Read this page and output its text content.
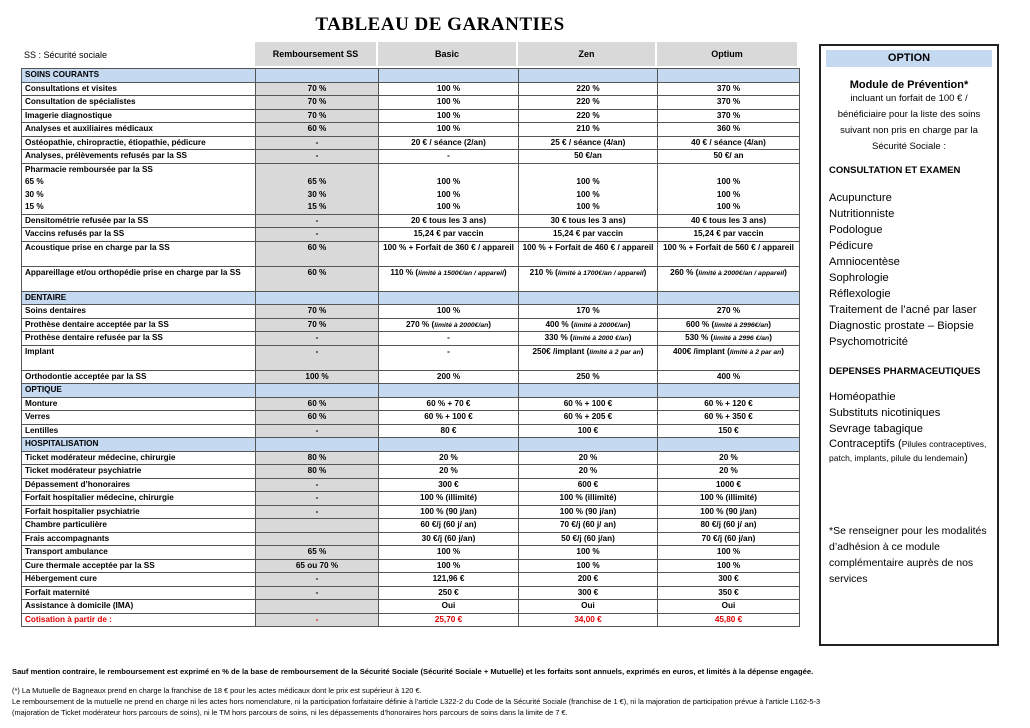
TABLEAU DE GARANTIES
SS : Sécurité sociale	Remboursement SS	Basic	Zen	Optium
SOINS COURANTS				
Consultations et visites	70 %	100 %	220 %	370 %
Consultation de spécialistes	70 %	100 %	220 %	370 %
Imagerie diagnostique	70 %	100 %	220 %	370 %
Analyses et auxiliaires médicaux	60 %	100 %	210 %	360 %
Ostéopathie, chiropractie, étiopathie, pédicure	-	20 € / séance (2/an)	25 € / séance (4/an)	40 € / séance (4/an)
Analyses, prélèvements refusés par la SS	-	-	50 €/an	50 €/ an
Pharmacie remboursée par la SS				
65 %	65 %	100 %	100 %	100 %
30 %	30 %	100 %	100 %	100 %
15 %	15 %	100 %	100 %	100 %
Densitométrie refusée par la SS	-	20 € tous les 3 ans)	30 € tous les 3 ans)	40 € tous les 3 ans)
Vaccins refusés par la SS	-	15,24 € par vaccin	15,24 € par vaccin	15,24 € par vaccin
Acoustique prise en charge par la SS	60 %	100 % + Forfait de 360 € / appareil	100 % + Forfait de 460 € / appareil	100 % + Forfait de 560 € / appareil
Appareillage et/ou orthopédie prise en charge par la SS	60 %	110 % (limité à 1500€/an / appareil)	210 % (limité à 1700€/an / appareil)	260 % (limité à 2000€/an / appareil)
DENTAIRE				
Soins dentaires	70 %	100 %	170 %	270 %
Prothèse dentaire acceptée par la SS	70 %	270 % (limité à 2000€/an)	400 % (limité à 2000€/an)	600 % (limité à 2996€/an)
Prothèse dentaire refusée par la SS	-	-	330 % (limité à 2000 €/an)	530 % (limité à 2996 €/an)
Implant	-	-	250€ /implant (limité à 2 par an)	400€ /implant (limité à 2 par an)
Orthodontie acceptée par la SS	100 %	200 %	250 %	400 %
OPTIQUE				
Monture	60 %	60 % + 70 €	60 % + 100 €	60 % + 120 €
Verres	60 %	60 % + 100 €	60 % + 205 €	60 % + 350 €
Lentilles	-	80 €	100 €	150 €
HOSPITALISATION				
Ticket modérateur médecine, chirurgie	80 %	20 %	20 %	20 %
Ticket modérateur psychiatrie	80 %	20 %	20 %	20 %
Dépassement d’honoraires	-	300 €	600 €	1000 €
Forfait hospitalier médecine, chirurgie	-	100 % (illimité)	100 % (illimité)	100 % (illimité)
Forfait hospitalier psychiatrie	-	100 % (90 j/an)	100 % (90 j/an)	100 % (90 j/an)
Chambre particulière		60 €/j (60 j/ an)	70 €/j (60 j/ an)	80 €/j (60 j/ an)
Frais accompagnants		30 €/j (60 j/an)	50 €/j (60 j/an)	70 €/j (60 j/an)
Transport ambulance	65 %	100 %	100 %	100 %
Cure thermale acceptée par la SS	65 ou 70 %	100 %	100 %	100 %
Hébergement cure	-	121,96 €	200 €	300 €
Forfait maternité	-	250 €	300 €	350 €
Assistance à domicile (IMA)		Oui	Oui	Oui
Cotisation à partir de :	-	25,70 €	34,00 €	45,80 €
OPTION
Module de Prévention*
incluant un forfait de 100 € / bénéficiaire pour la liste des soins suivant non pris en charge par la Sécurité Sociale :
CONSULTATION ET EXAMEN
Acupuncture
Nutritionniste
Podologue
Pédicure
Amniocentèse
Sophrologie
Réflexologie
Traitement de l’acné par laser
Diagnostic prostate – Biopsie
Psychomotricité
DEPENSES PHARMACEUTIQUES
Homéopathie
Substituts nicotiniques
Sevrage tabagique
Contraceptifs (Pilules contraceptives, patch, implants, pilule du lendemain)
*Se renseigner pour les modalités d’adhésion à ce module complémentaire auprès de nos services
Sauf mention contraire, le remboursement est exprimé en % de la base de remboursement de la Sécurité Sociale (Sécurité Sociale + Mutuelle) et les forfaits sont annuels, exprimés en euros, et limités à la dépense engagée.
(*) La Mutuelle de Bagneaux prend en charge la franchise de 18 € pour les actes médicaux dont le prix est supérieur à 120 €.
Le remboursement de la mutuelle ne prend en charge ni les actes hors nomenclature, ni la participation forfaitaire définie à l’article L322-2 du Code de la Sécurité Sociale (franchise de 1 €), ni la majoration de participation prévue à l’article L162-5-3
(majoration de Ticket modérateur hors parcours de soins), ni le TM hors parcours de soins, ni les dépassements d’honoraires hors parcours de soins dans la limite de 7 €.
